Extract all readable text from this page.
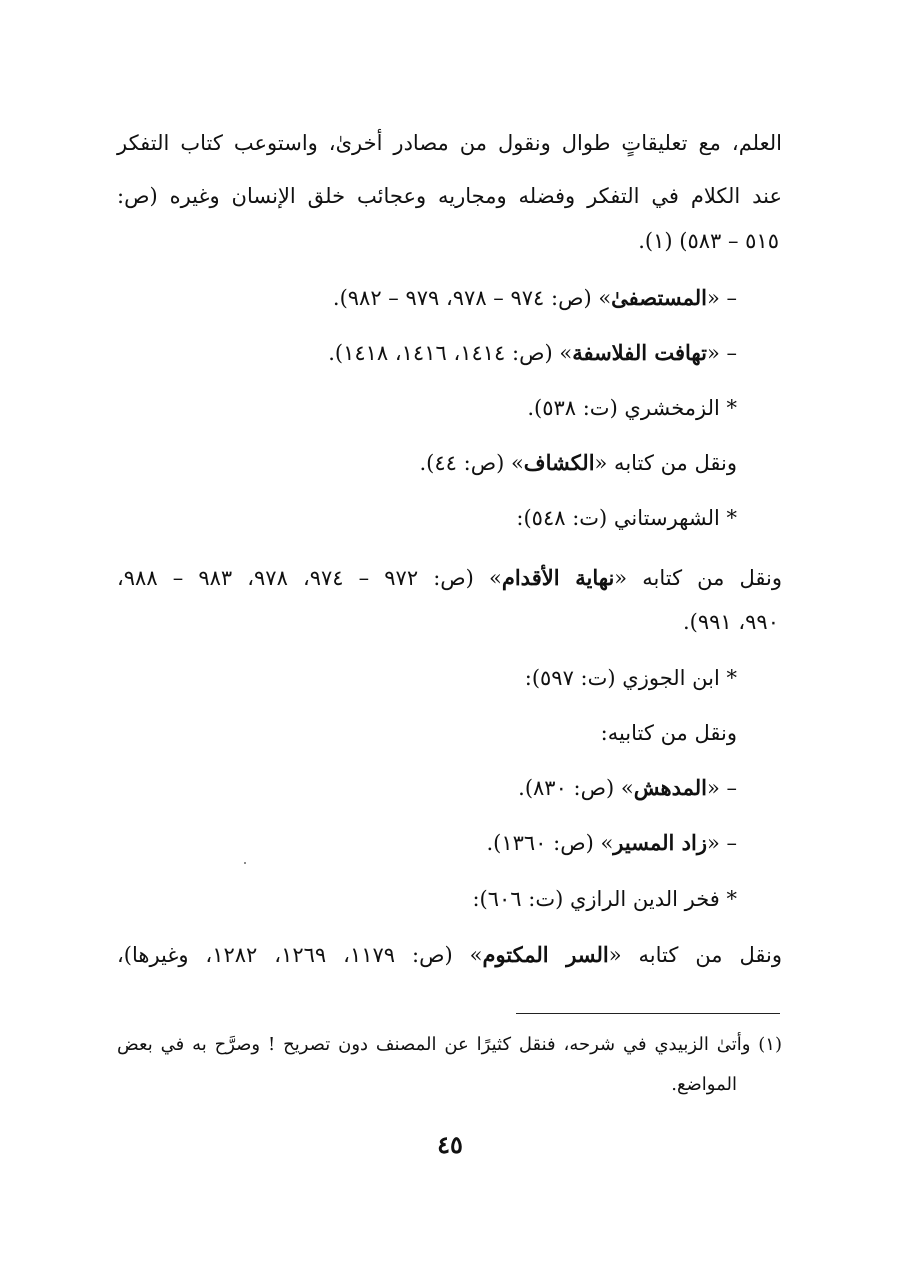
العلم، مع تعليقاتٍ طوال ونقول من مصادر أخرىٰ، واستوعب كتاب التفكر
عند الكلام في التفكر وفضله ومجاريه وعجائب خلق الإنسان وغيره (ص:
٥١٥ – ٥٨٣) (١).
– «المستصفىٰ» (ص: ٩٧٤ – ٩٧٨، ٩٧٩ – ٩٨٢).
– «تهافت الفلاسفة» (ص: ١٤١٤، ١٤١٦، ١٤١٨).
* الزمخشري (ت: ٥٣٨).
ونقل من كتابه «الكشاف» (ص: ٤٤).
* الشهرستاني (ت: ٥٤٨):
ونقل من كتابه «نهاية الأقدام» (ص: ٩٧٢ – ٩٧٤، ٩٧٨، ٩٨٣ – ٩٨٨،
٩٩٠، ٩٩١).
* ابن الجوزي (ت: ٥٩٧):
ونقل من كتابيه:
– «المدهش» (ص: ٨٣٠).
– «زاد المسير» (ص: ١٣٦٠).
* فخر الدين الرازي (ت: ٦٠٦):
ونقل من كتابه «السر المكتوم» (ص: ١١٧٩، ١٢٦٩، ١٢٨٢، وغيرها)،
(١) وأتىٰ الزبيدي في شرحه، فنقل كثيرًا عن المصنف دون تصريح ! وصرَّح به في بعض
المواضع.
٤٥
